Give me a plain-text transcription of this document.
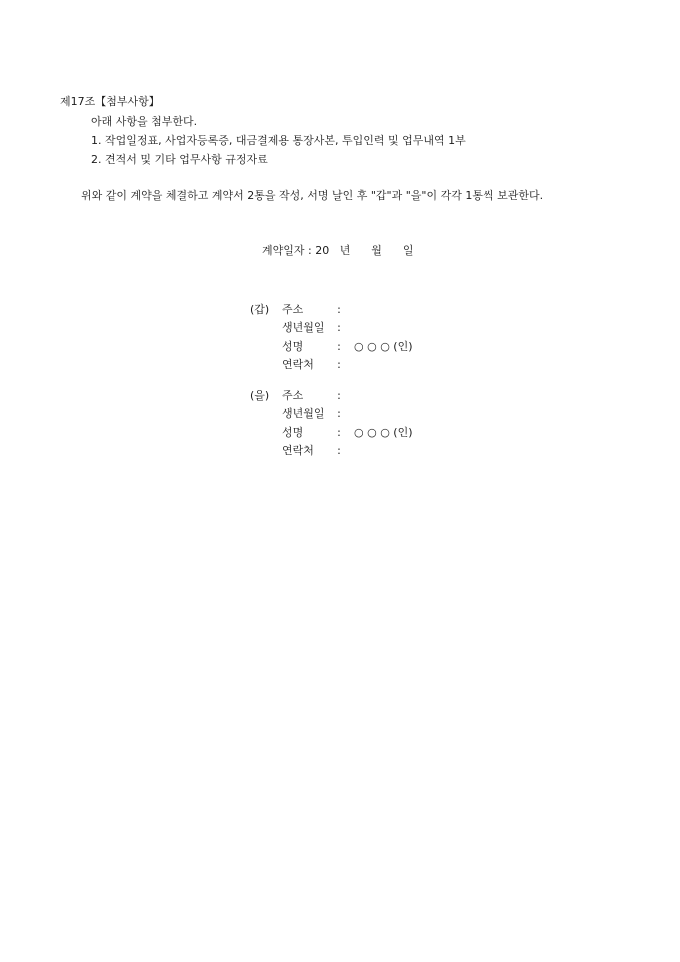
제17조【첨부사항】
아래 사항을 첨부한다.
1. 작업일정표, 사업자등록증, 대금결제용 통장사본, 투입인력 및 업무내역 1부
2. 견적서 및 기타 업무사항 규정자료
위와 같이 계약을 체결하고 계약서 2통을 작성, 서명 날인 후 "갑"과 "을"이 각각 1통씩 보관한다.
계약일자 : 20   년      월      일
(갑) 주소	:
생년월일 :
성명	: ○ ○ ○ (인)
연락처 :
(을) 주소	:
생년월일 :
성명	: ○ ○ ○ (인)
연락처 :
